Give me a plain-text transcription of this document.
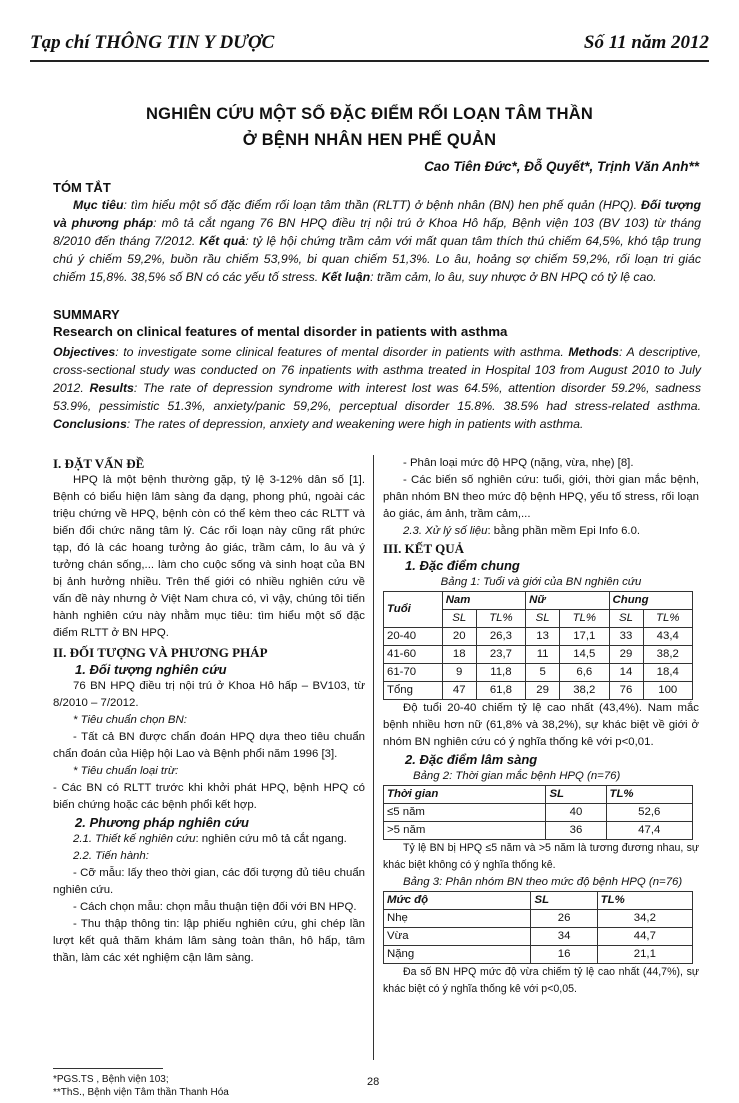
Tạp chí THÔNG TIN Y DƯỢC	Số 11 năm 2012
NGHIÊN CỨU MỘT SỐ ĐẶC ĐIỂM RỐI LOẠN TÂM THẦN
Ở BỆNH NHÂN HEN PHẾ QUẢN
Cao Tiên Đức*, Đỗ Quyết*, Trịnh Văn Anh**
TÓM TẮT

Mục tiêu: tìm hiểu một số đặc điểm rối loạn tâm thần (RLTT) ở bệnh nhân (BN) hen phế quản (HPQ). Đối tượng và phương pháp: mô tả cắt ngang 76 BN HPQ điều trị nội trú ở Khoa Hô hấp, Bệnh viện 103 (BV 103) từ tháng 8/2010 đến tháng 7/2012. Kết quả: tỷ lệ hội chứng trầm cảm với mất quan tâm thích thú chiếm 64,5%, khó tập trung chú ý chiếm 59,2%, buồn rầu chiếm 53,9%, bi quan chiếm 51,3%. Lo âu, hoảng sợ chiếm 59,2%, rối loạn tri giác chiếm 15,8%. 38,5% số BN có các yếu tố stress. Kết luận: trầm cảm, lo âu, suy nhược ở BN HPQ có tỷ lệ cao.

SUMMARY
Research on clinical features of mental disorder in patients with asthma

Objectives: to investigate some clinical features of mental disorder in patients with asthma. Methods: A descriptive, cross-sectional study was conducted on 76 inpatients with asthma treated in Hospital 103 from August 2010 to July 2012. Results: The rate of depression syndrome with interest lost was 64.5%, attention disorder 59.2%, sadness 53.9%, pessimistic 51.3%, anxiety/panic 59,2%, perceptual disorder 15.8%. 38.5% had stress-related asthma. Conclusions: The rates of depression, anxiety and weakening were high in patients with asthma.

I. ĐẶT VẤN ĐỀ

HPQ là một bệnh thường gặp, tỷ lệ 3-12% dân số [1]. Bệnh có biểu hiện lâm sàng đa dạng, phong phú, ngoài các triệu chứng về HPQ, bệnh còn có thể kèm theo các RLTT và biến đổi chức năng tâm lý. Các rối loạn này cũng rất phức tạp, đó là các hoang tưởng ảo giác, trầm cảm, lo âu và ý tưởng chán sống,... làm cho cuộc sống và sinh hoạt của BN bị ảnh hưởng nhiều. Trên thế giới có nhiều nghiên cứu về vấn đề này nhưng ở Việt Nam chưa có, vì vậy, chúng tôi tiến hành nghiên cứu này nhằm mục tiêu: tìm hiểu một số đặc điểm RLTT ở BN HPQ.

II. ĐỐI TƯỢNG VÀ PHƯƠNG PHÁP

1. Đối tượng nghiên cứu

76 BN HPQ điều trị nội trú ở Khoa Hô hấp – BV103, từ 8/2010 – 7/2012.

* Tiêu chuẩn chọn BN:

- Tất cả BN được chẩn đoán HPQ dựa theo tiêu chuẩn chẩn đoán của Hiệp hội Lao và Bệnh phổi năm 1996 [3].

* Tiêu chuẩn loại trừ:

- Các BN có RLTT trước khi khởi phát HPQ, bệnh HPQ có biến chứng hoặc các bệnh phổi kết hợp.

2. Phương pháp nghiên cứu

2.1. Thiết kế nghiên cứu: nghiên cứu mô tả cắt ngang.

2.2. Tiến hành:

- Cỡ mẫu: lấy theo thời gian, các đối tượng đủ tiêu chuẩn nghiên cứu.

- Cách chọn mẫu: chọn mẫu thuận tiện đối với BN HPQ.

- Thu thập thông tin: lập phiếu nghiên cứu, ghi chép lần lượt kết quả thăm khám lâm sàng toàn thân, hô hấp, tâm thần, làm các xét nghiệm cận lâm sàng.

- Phân loại mức độ HPQ (nặng, vừa, nhẹ) [8].

- Các biến số nghiên cứu: tuổi, giới, thời gian mắc bệnh, phân nhóm BN theo mức độ bệnh HPQ, yếu tố stress, rối loạn ảo giác, ám ảnh, trầm cảm,...

2.3. Xử lý số liệu: bằng phần mềm Epi Info 6.0.

III. KẾT QUẢ

1. Đặc điểm chung

Bảng 1: Tuổi và giới của BN nghiên cứu

Tuổi	Nam		Nữ		Chung	
	SL	TL%	SL	TL%	SL	TL%
20-40	20	26,3	13	17,1	33	43,4
41-60	18	23,7	11	14,5	29	38,2
61-70	9	11,8	5	6,6	14	18,4
Tổng	47	61,8	29	38,2	76	100

Độ tuổi 20-40 chiếm tỷ lệ cao nhất (43,4%). Nam mắc bệnh nhiều hơn nữ (61,8% và 38,2%), sự khác biệt về giới ở nhóm BN nghiên cứu có ý nghĩa thống kê với p<0,01.

2. Đặc điểm lâm sàng

Bảng 2: Thời gian mắc bệnh HPQ (n=76)

Thời gian	SL	TL%
≤5 năm	40	52,6
>5 năm	36	47,4

Tỷ lệ BN bị HPQ ≤5 năm và >5 năm là tương đương nhau, sự khác biệt không có ý nghĩa thống kê.

Bảng 3: Phân nhóm BN theo mức độ bệnh HPQ (n=76)

Mức độ	SL	TL%
Nhẹ	26	34,2
Vừa	34	44,7
Nặng	16	21,1

Đa số BN HPQ mức độ vừa chiếm tỷ lệ cao nhất (44,7%), sự khác biệt có ý nghĩa thống kê với p<0,05.

*PGS.TS , Bệnh viện 103;
**ThS., Bệnh viện Tâm thần Thanh Hóa
28
